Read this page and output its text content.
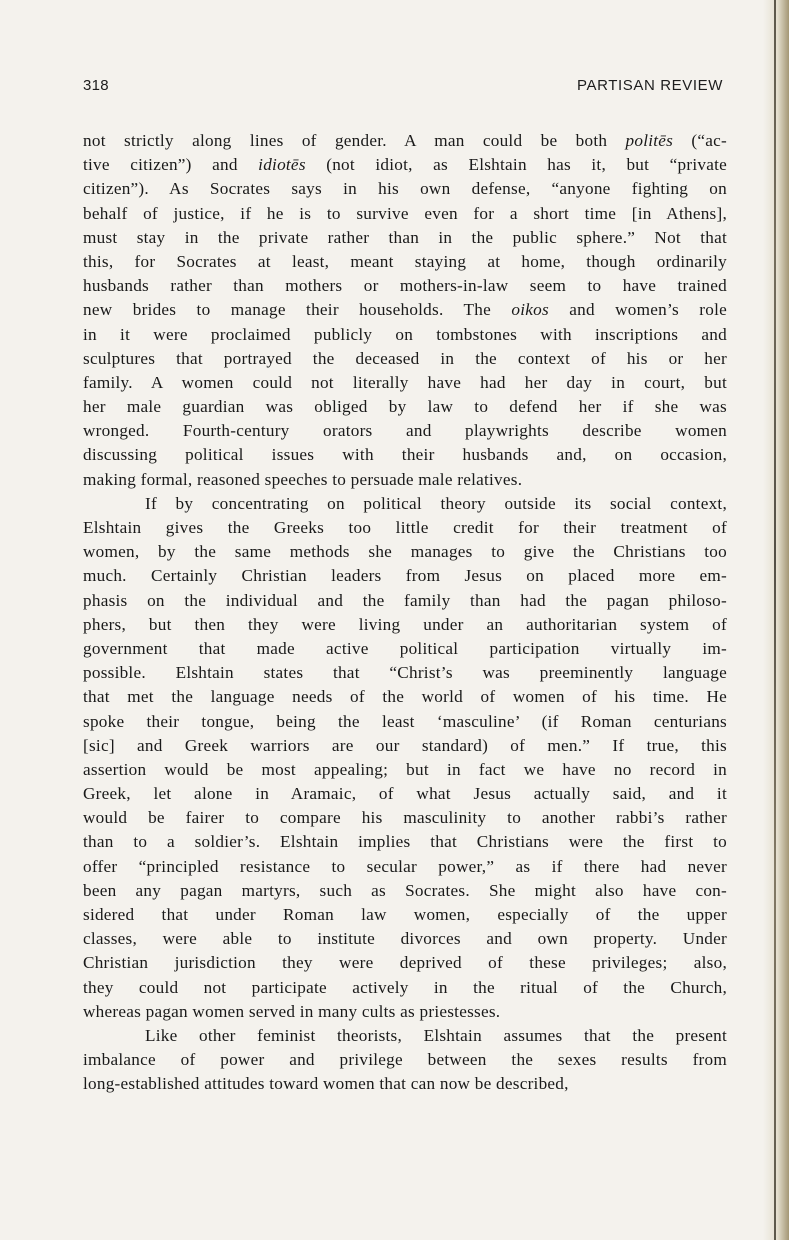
318	PARTISAN REVIEW
not strictly along lines of gender. A man could be both politēs (“ac-
tive citizen”) and idiotēs (not idiot, as Elshtain has it, but “private
citizen”). As Socrates says in his own defense, “anyone fighting on
behalf of justice, if he is to survive even for a short time [in Athens],
must stay in the private rather than in the public sphere.” Not that
this, for Socrates at least, meant staying at home, though ordinarily
husbands rather than mothers or mothers-in-law seem to have trained
new brides to manage their households. The oikos and women’s role
in it were proclaimed publicly on tombstones with inscriptions and
sculptures that portrayed the deceased in the context of his or her
family. A women could not literally have had her day in court, but
her male guardian was obliged by law to defend her if she was
wronged. Fourth-century orators and playwrights describe women
discussing political issues with their husbands and, on occasion,
making formal, reasoned speeches to persuade male relatives.
If by concentrating on political theory outside its social context,
Elshtain gives the Greeks too little credit for their treatment of
women, by the same methods she manages to give the Christians too
much. Certainly Christian leaders from Jesus on placed more em-
phasis on the individual and the family than had the pagan philoso-
phers, but then they were living under an authoritarian system of
government that made active political participation virtually im-
possible. Elshtain states that “Christ’s was preeminently language
that met the language needs of the world of women of his time. He
spoke their tongue, being the least ‘masculine’ (if Roman centurians
[sic] and Greek warriors are our standard) of men.” If true, this
assertion would be most appealing; but in fact we have no record in
Greek, let alone in Aramaic, of what Jesus actually said, and it
would be fairer to compare his masculinity to another rabbi’s rather
than to a soldier’s. Elshtain implies that Christians were the first to
offer “principled resistance to secular power,” as if there had never
been any pagan martyrs, such as Socrates. She might also have con-
sidered that under Roman law women, especially of the upper
classes, were able to institute divorces and own property. Under
Christian jurisdiction they were deprived of these privileges; also,
they could not participate actively in the ritual of the Church,
whereas pagan women served in many cults as priestesses.
Like other feminist theorists, Elshtain assumes that the present
imbalance of power and privilege between the sexes results from
long-established attitudes toward women that can now be described,
